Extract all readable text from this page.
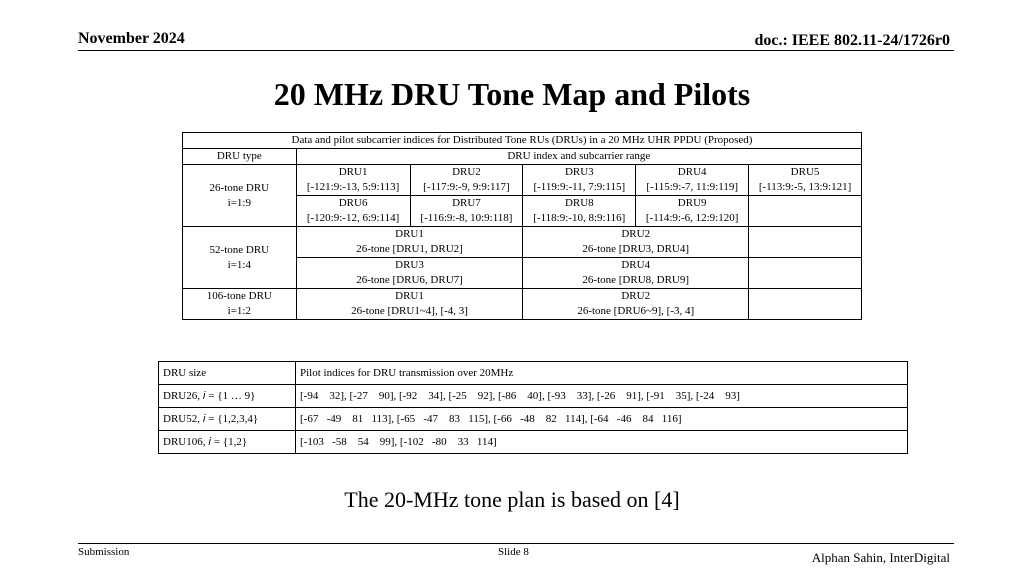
November 2024	doc.: IEEE 802.11-24/1726r0
20 MHz DRU Tone Map and Pilots
Data and pilot subcarrier indices for Distributed Tone RUs (DRUs) in a 20 MHz UHR PPDU (Proposed)					
DRU type	DRU index and subcarrier range				

26-tone DRU
i=1:9	DRU1	DRU2	DRU3	DRU4	DRU5
	[-121:9:-13, 5:9:113]	[-117:9:-9, 9:9:117]	[-119:9:-11, 7:9:115]	[-115:9:-7, 11:9:119]	[-113:9:-5, 13:9:121]
	DRU6	DRU7	DRU8	DRU9	
	[-120:9:-12, 6:9:114]	[-116:9:-8, 10:9:118]	[-118:9:-10, 8:9:116]	[-114:9:-6, 12:9:120]	

52-tone DRU
i=1:4	DRU1		DRU2		
	26-tone [DRU1, DRU2]		26-tone [DRU3, DRU4]		
	DRU3		DRU4		
	26-tone [DRU6, DRU7]		26-tone [DRU8, DRU9]		

106-tone DRU
i=1:2	DRU1		DRU2		
	26-tone [DRU1~4], [-4, 3]		26-tone [DRU6~9], [-3, 4]		
DRU size	Pilot indices for DRU transmission over 20MHz
DRU26, 𝑖 = {1 … 9}	[-94    32], [-27    90], [-92    34], [-25    92], [-86    40], [-93    33], [-26    91], [-91    35], [-24    93]
DRU52, 𝑖 = {1,2,3,4}	[-67   -49    81   113], [-65   -47    83   115], [-66   -48    82   114], [-64   -46    84   116]
DRU106, 𝑖 = {1,2}	[-103   -58    54    99], [-102   -80    33   114]
The 20-MHz tone plan is based on [4]
Submission	Slide 8	Alphan Sahin, InterDigital
